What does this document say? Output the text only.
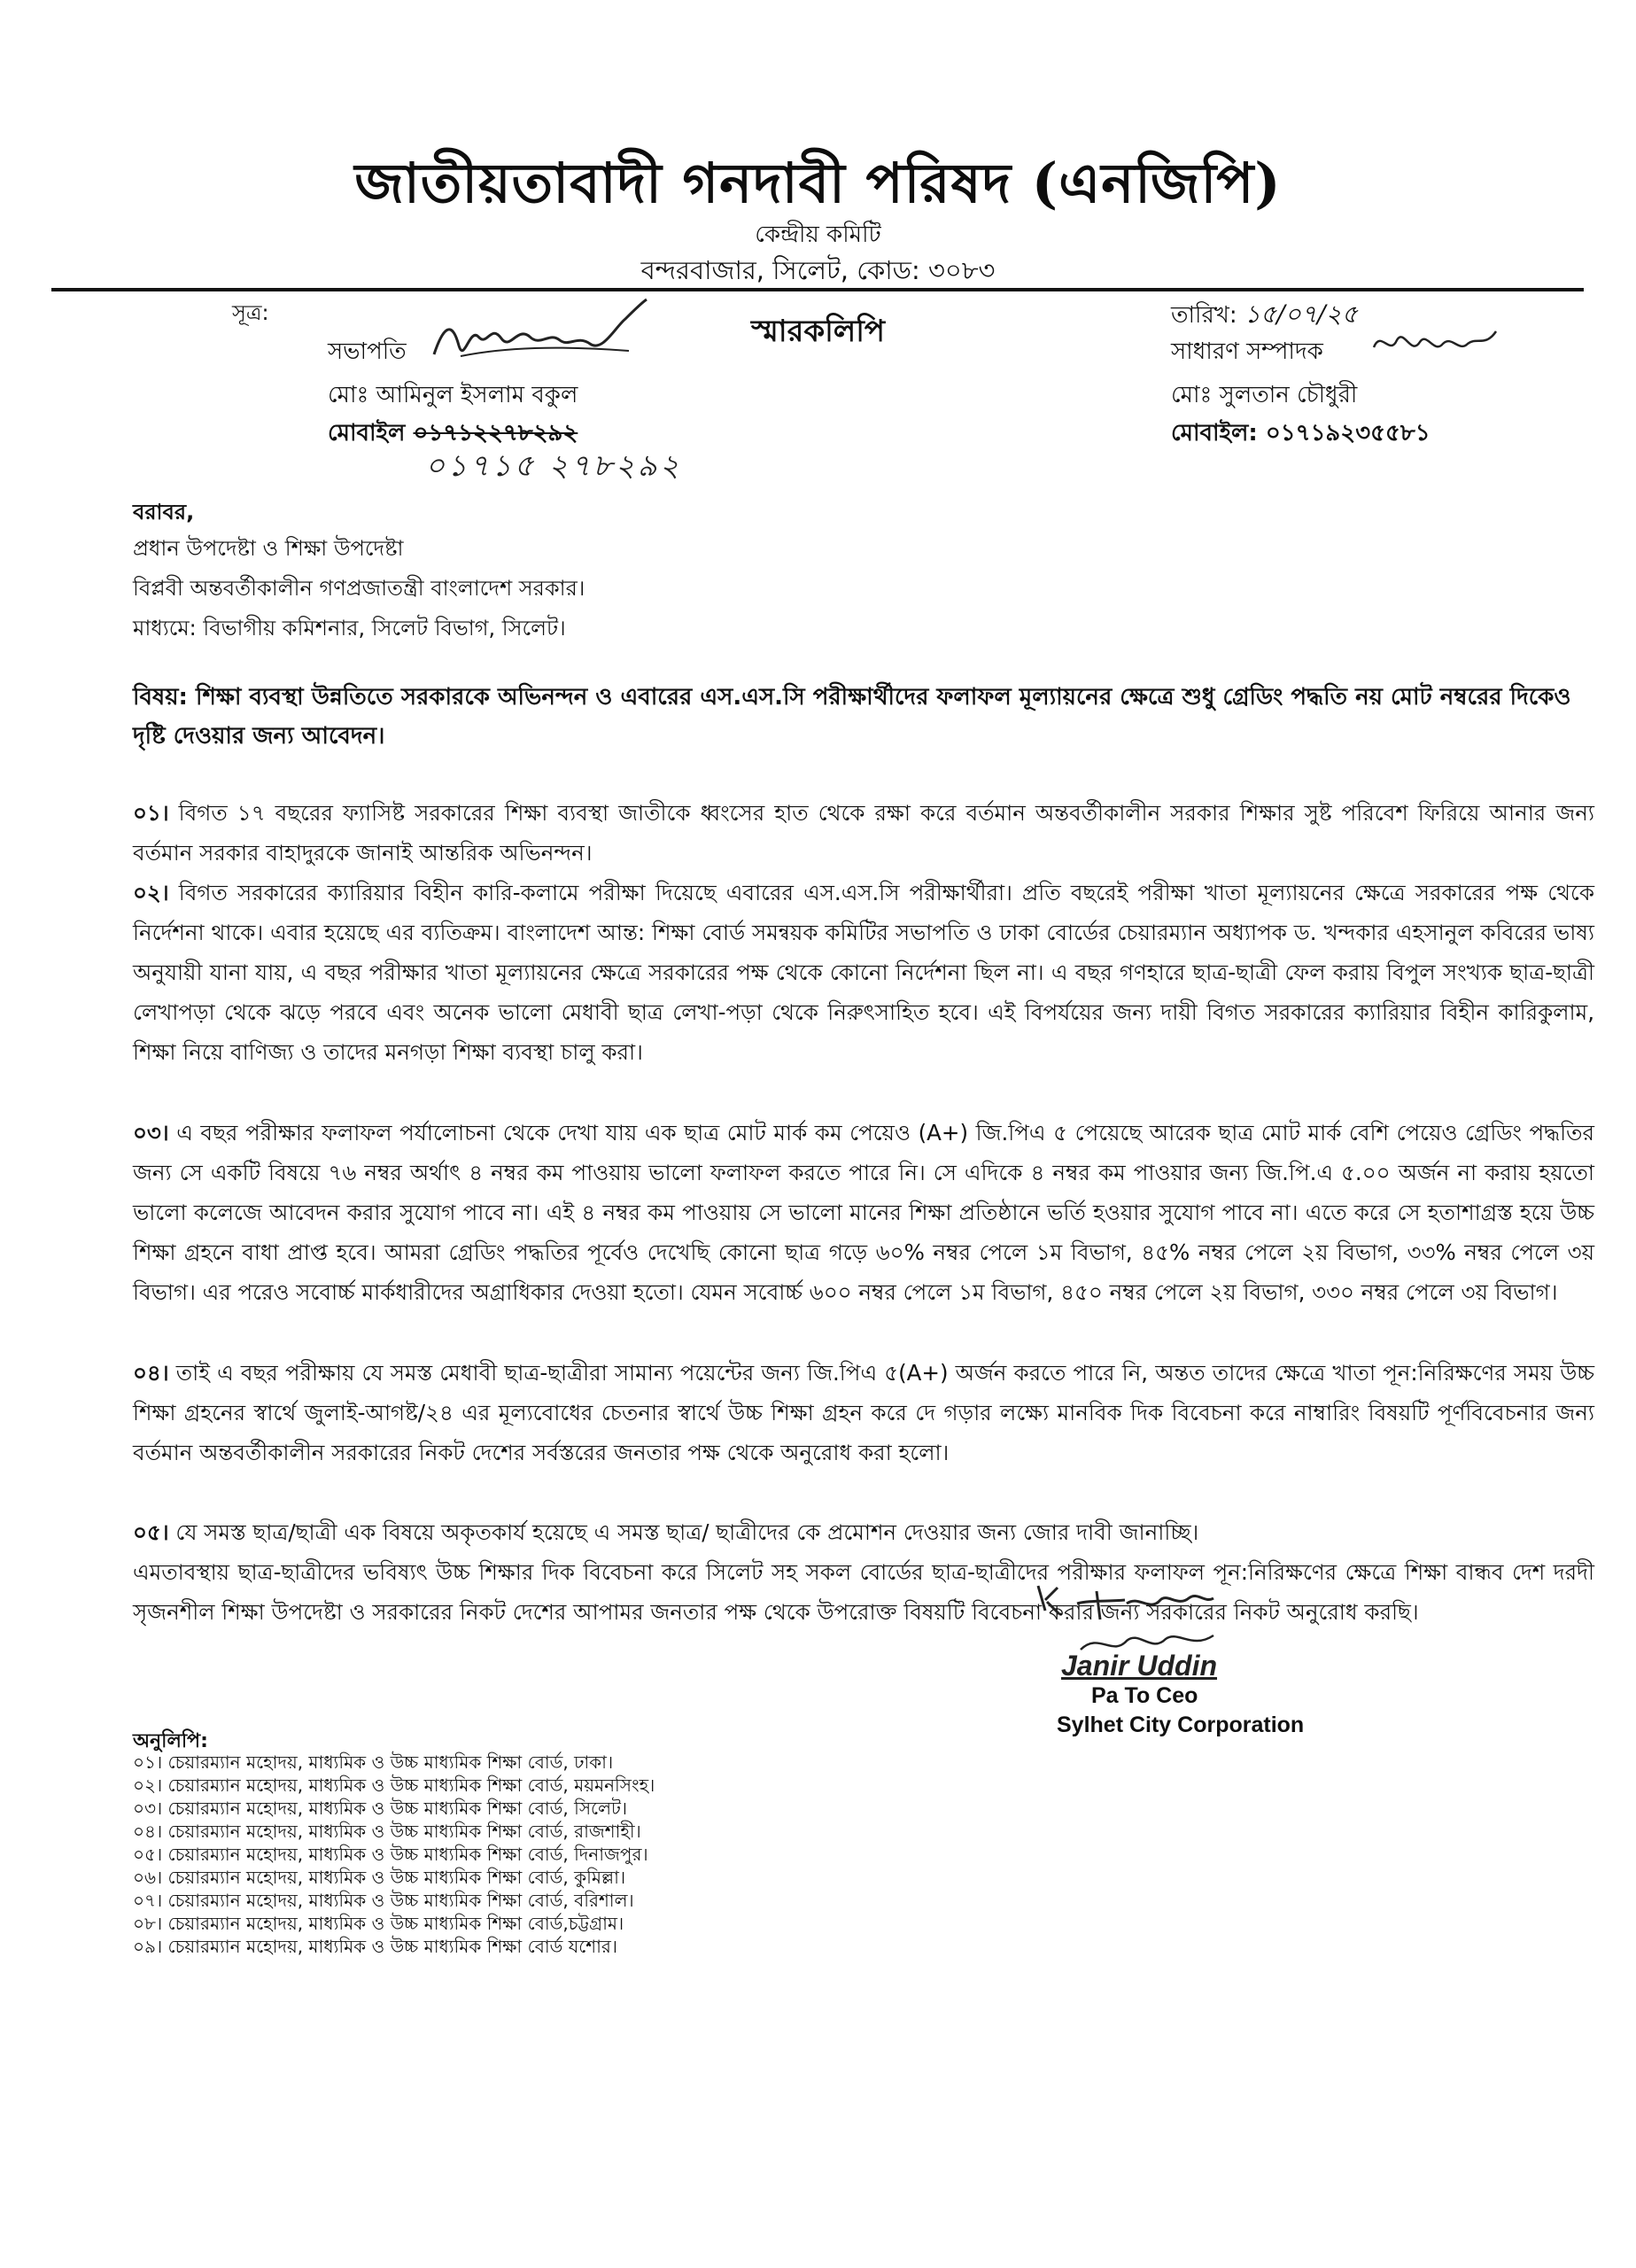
জাতীয়তাবাদী গনদাবী পরিষদ (এনজিপি)
কেন্দ্রীয় কমিটি
বন্দরবাজার, সিলেট, কোড: ৩০৮৩
সূত্র:
স্মারকলিপি	তারিখ: ১৫/০৭/২৫
সভাপতি
মোঃ আমিনুল ইসলাম বকুল
মোবাইল ০১৭১২২৭৮২৯২
০১৭১৫ ২৭৮২৯২
সাধারণ সম্পাদক
মোঃ সুলতান চৌধুরী
মোবাইল: ০১৭১৯২৩৫৫৮১
বরাবর,
প্রধান উপদেষ্টা ও শিক্ষা উপদেষ্টা
বিপ্লবী অন্তবর্তীকালীন গণপ্রজাতন্ত্রী বাংলাদেশ সরকার।
মাধ্যমে: বিভাগীয় কমিশনার, সিলেট বিভাগ, সিলেট।
বিষয়: শিক্ষা ব্যবস্থা উন্নতিতে সরকারকে অভিনন্দন ও এবারের এস.এস.সি পরীক্ষার্থীদের ফলাফল মূল্যায়নের ক্ষেত্রে শুধু গ্রেডিং পদ্ধতি নয় মোট নম্বরের দিকেও দৃষ্টি দেওয়ার জন্য আবেদন।
০১। বিগত ১৭ বছরের ফ্যাসিষ্ট সরকারের শিক্ষা ব্যবস্থা জাতীকে ধ্বংসের হাত থেকে রক্ষা করে বর্তমান অন্তবর্তীকালীন সরকার শিক্ষার সুষ্ট পরিবেশ ফিরিয়ে আনার জন্য বর্তমান সরকার বাহাদুরকে জানাই আন্তরিক অভিনন্দন।
০২। বিগত সরকারের ক্যারিয়ার বিহীন কারি-কলামে পরীক্ষা দিয়েছে এবারের এস.এস.সি পরীক্ষার্থীরা। প্রতি বছরেই পরীক্ষা খাতা মূল্যায়নের ক্ষেত্রে সরকারের পক্ষ থেকে নির্দেশনা থাকে। এবার হয়েছে এর ব্যতিক্রম। বাংলাদেশ আন্ত: শিক্ষা বোর্ড সমন্বয়ক কমিটির সভাপতি ও ঢাকা বোর্ডের চেয়ারম্যান অধ্যাপক ড. খন্দকার এহসানুল কবিরের ভাষ্য অনুযায়ী যানা যায়, এ বছর পরীক্ষার খাতা মূল্যায়নের ক্ষেত্রে সরকারের পক্ষ থেকে কোনো নির্দেশনা ছিল না। এ বছর গণহারে ছাত্র-ছাত্রী ফেল করায় বিপুল সংখ্যক ছাত্র-ছাত্রী লেখাপড়া থেকে ঝড়ে পরবে এবং অনেক ভালো মেধাবী ছাত্র লেখা-পড়া থেকে নিরুৎসাহিত হবে। এই বিপর্যয়ের জন্য দায়ী বিগত সরকারের ক্যারিয়ার বিহীন কারিকুলাম, শিক্ষা নিয়ে বাণিজ্য ও তাদের মনগড়া শিক্ষা ব্যবস্থা চালু করা।
০৩। এ বছর পরীক্ষার ফলাফল পর্যালোচনা থেকে দেখা যায় এক ছাত্র মোট মার্ক কম পেয়েও (A+) জি.পিএ ৫ পেয়েছে আরেক ছাত্র মোট মার্ক বেশি পেয়েও গ্রেডিং পদ্ধতির জন্য সে একটি বিষয়ে ৭৬ নম্বর অর্থাৎ ৪ নম্বর কম পাওয়ায় ভালো ফলাফল করতে পারে নি। সে এদিকে ৪ নম্বর কম পাওয়ার জন্য জি.পি.এ ৫.০০ অর্জন না করায় হয়তো ভালো কলেজে আবেদন করার সুযোগ পাবে না। এই ৪ নম্বর কম পাওয়ায় সে ভালো মানের শিক্ষা প্রতিষ্ঠানে ভর্তি হওয়ার সুযোগ পাবে না। এতে করে সে হতাশাগ্রস্ত হয়ে উচ্চ শিক্ষা গ্রহনে বাধা প্রাপ্ত হবে। আমরা গ্রেডিং পদ্ধতির পূর্বেও দেখেছি কোনো ছাত্র গড়ে ৬০% নম্বর পেলে ১ম বিভাগ, ৪৫% নম্বর পেলে ২য় বিভাগ, ৩৩% নম্বর পেলে ৩য় বিভাগ। এর পরেও সবোর্চ্চ মার্কধারীদের অগ্রাধিকার দেওয়া হতো। যেমন সবোর্চ্চ ৬০০ নম্বর পেলে ১ম বিভাগ, ৪৫০ নম্বর পেলে ২য় বিভাগ, ৩৩০ নম্বর পেলে ৩য় বিভাগ।
০৪। তাই এ বছর পরীক্ষায় যে সমস্ত মেধাবী ছাত্র-ছাত্রীরা সামান্য পয়েন্টের জন্য জি.পিএ ৫(A+) অর্জন করতে পারে নি, অন্তত তাদের ক্ষেত্রে খাতা পূন:নিরিক্ষণের সময় উচ্চ শিক্ষা গ্রহনের স্বার্থে জুলাই-আগষ্ট/২৪ এর মূল্যবোধের চেতনার স্বার্থে উচ্চ শিক্ষা গ্রহন করে দে গড়ার লক্ষ্যে মানবিক দিক বিবেচনা করে নাম্বারিং বিষয়টি পূর্ণবিবেচনার জন্য বর্তমান অন্তবর্তীকালীন সরকারের নিকট দেশের সর্বস্তরের জনতার পক্ষ থেকে অনুরোধ করা হলো।
০৫। যে সমস্ত ছাত্র/ছাত্রী এক বিষয়ে অকৃতকার্য হয়েছে এ সমস্ত ছাত্র/ ছাত্রীদের কে প্রমোশন দেওয়ার জন্য জোর দাবী জানাচ্ছি।
এমতাবস্থায় ছাত্র-ছাত্রীদের ভবিষ্যৎ উচ্চ শিক্ষার দিক বিবেচনা করে সিলেট সহ সকল বোর্ডের ছাত্র-ছাত্রীদের পরীক্ষার ফলাফল পূন:নিরিক্ষণের ক্ষেত্রে শিক্ষা বান্ধব দেশ দরদী সৃজনশীল শিক্ষা উপদেষ্টা ও সরকারের নিকট দেশের আপামর জনতার পক্ষ থেকে উপরোক্ত বিষয়টি বিবেচনা করার জন্য সরকারের নিকট অনুরোধ করছি।
অনুলিপি:
০১। চেয়ারম্যান মহোদয়, মাধ্যমিক ও উচ্চ মাধ্যমিক শিক্ষা বোর্ড, ঢাকা।
০২। চেয়ারম্যান মহোদয়, মাধ্যমিক ও উচ্চ মাধ্যমিক শিক্ষা বোর্ড, ময়মনসিংহ।
০৩। চেয়ারম্যান মহোদয়, মাধ্যমিক ও উচ্চ মাধ্যমিক শিক্ষা বোর্ড, সিলেট।
০৪। চেয়ারম্যান মহোদয়, মাধ্যমিক ও উচ্চ মাধ্যমিক শিক্ষা বোর্ড, রাজশাহী।
০৫। চেয়ারম্যান মহোদয়, মাধ্যমিক ও উচ্চ মাধ্যমিক শিক্ষা বোর্ড, দিনাজপুর।
০৬। চেয়ারম্যান মহোদয়, মাধ্যমিক ও উচ্চ মাধ্যমিক শিক্ষা বোর্ড, কুমিল্লা।
০৭। চেয়ারম্যান মহোদয়, মাধ্যমিক ও উচ্চ মাধ্যমিক শিক্ষা বোর্ড, বরিশাল।
০৮। চেয়ারম্যান মহোদয়, মাধ্যমিক ও উচ্চ মাধ্যমিক শিক্ষা বোর্ড,চট্টগ্রাম।
০৯। চেয়ারম্যান মহোদয়, মাধ্যমিক ও উচ্চ মাধ্যমিক শিক্ষা বোর্ড যশোর।
Janir Uddin
Pa To Ceo
Sylhet City Corporation
